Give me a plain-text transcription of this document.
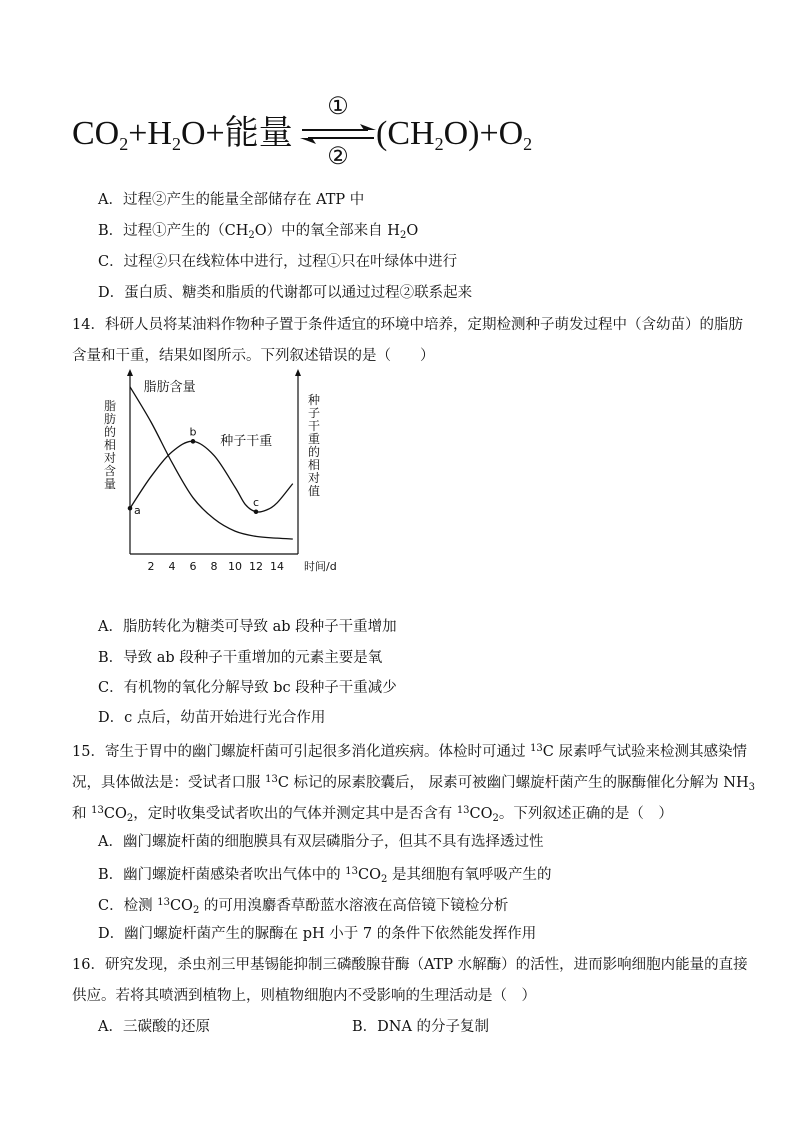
$CO_2+H_2O+$能量
①
②
$(CH_2O)+O_2$
A．过程②产生的能量全部储存在 ATP 中
B．过程①产生的$(CH_2O)$中的氧全部来自 $H_2O$
C．过程②只在线粒体中进行，过程①只在叶绿体中进行
D．蛋白质、糖类和脂质的代谢都可以通过过程②联系起来
14．科研人员将某油料作物种子置于条件适宜的环境中培养，定期检测种子萌发过程中（含幼苗）的脂肪
含量和干重，结果如图所示。下列叙述错误的是（　　）
2 4 6 8 10 12 14 时间/d
脂
肪
的
相
对
含
量
种
子
干
重
的
相
对
值
脂肪含量
种子干重
a
b
c
A．脂肪转化为糖类可导致 ab 段种子干重增加
B．导致 ab 段种子干重增加的元素主要是氧
C．有机物的氧化分解导致 bc 段种子干重减少
D．c 点后，幼苗开始进行光合作用
15．寄生于胃中的幽门螺旋杆菌可引起很多消化道疾病。体检时可通过 $^{13}$C 尿素呼气试验来检测其感染情
况，具体做法是：受试者口服 $^{13}$C 标记的尿素胶囊后， 尿素可被幽门螺旋杆菌产生的脲酶催化分解为 $NH_3$
和 $^{13}CO_2$，定时收集受试者吹出的气体并测定其中是否含有 $^{13}CO_2$。下列叙述正确的是（　）
A．幽门螺旋杆菌的细胞膜具有双层磷脂分子，但其不具有选择透过性
B．幽门螺旋杆菌感染者吹出气体中的 $^{13}CO_2$ 是其细胞有氧呼吸产生的
C．检测 $^{13}CO_2$ 的可用溴麝香草酚蓝水溶液在高倍镜下镜检分析
D．幽门螺旋杆菌产生的脲酶在 pH 小于 7 的条件下依然能发挥作用
16．研究发现，杀虫剂三甲基锡能抑制三磷酸腺苷酶（ATP 水解酶）的活性，进而影响细胞内能量的直接
供应。若将其喷洒到植物上，则植物细胞内不受影响的生理活动是（　）
A．三碳酸的还原	B．DNA 的分子复制
